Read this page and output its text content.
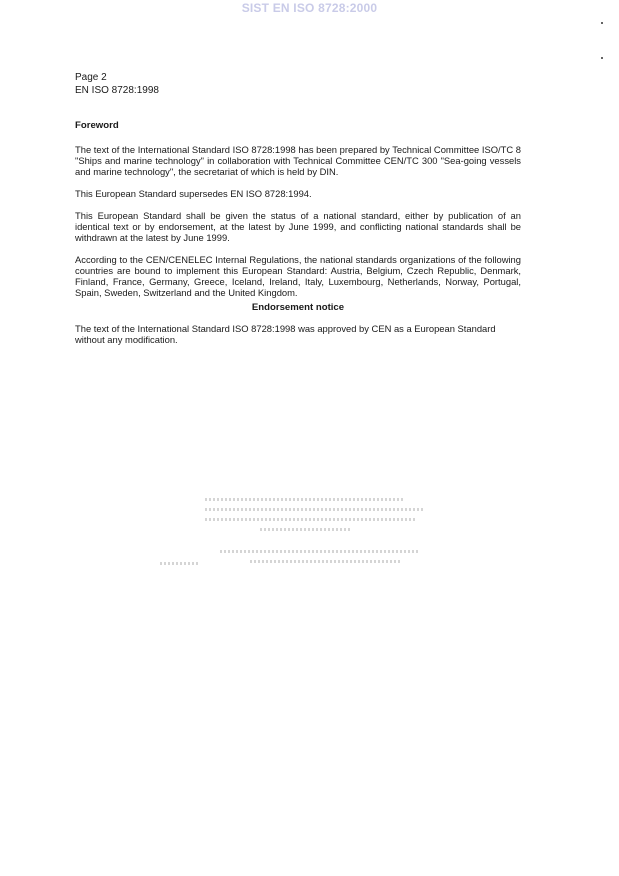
SIST EN ISO 8728:2000
Page 2
EN ISO 8728:1998
Foreword

The text of the International Standard ISO 8728:1998 has been prepared by Technical Committee ISO/TC 8 "Ships and marine technology" in collaboration with Technical Committee CEN/TC 300 "Sea-going vessels and marine technology", the secretariat of which is held by DIN.

This European Standard supersedes EN ISO 8728:1994.

This European Standard shall be given the status of a national standard, either by publication of an identical text or by endorsement, at the latest by June 1999, and conflicting national standards shall be withdrawn at the latest by June 1999.

According to the CEN/CENELEC Internal Regulations, the national standards organizations of the following countries are bound to implement this European Standard: Austria, Belgium, Czech Republic, Denmark, Finland, France, Germany, Greece, Iceland, Ireland, Italy, Luxembourg, Netherlands, Norway, Portugal, Spain, Sweden, Switzerland and the United Kingdom.

Endorsement notice

The text of the International Standard ISO 8728:1998 was approved by CEN as a European Standard without any modification.
